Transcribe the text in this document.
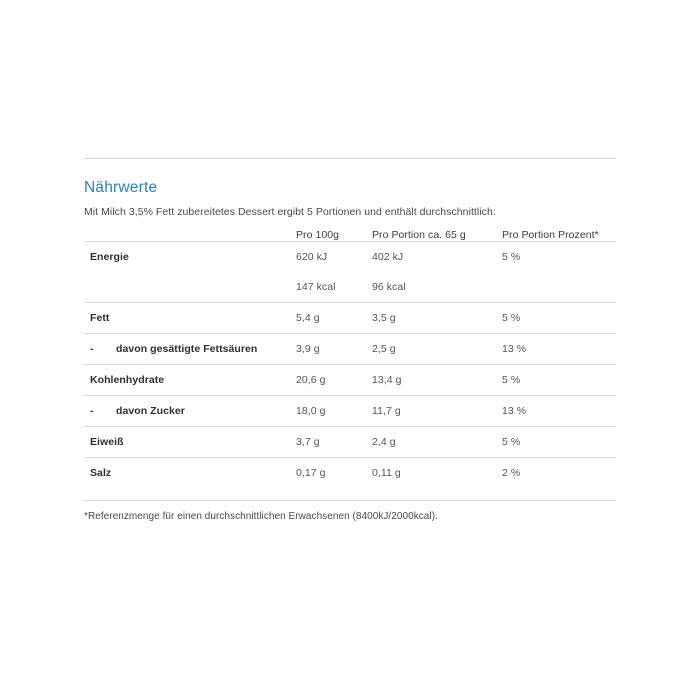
Nährwerte
Mit Milch 3,5% Fett zubereitetes Dessert ergibt 5 Portionen und enthält durchschnittlich:
	Pro 100g	Pro Portion ca. 65 g	Pro Portion Prozent*
Energie	620 kJ	402 kJ	5 %
	147 kcal	96 kcal	
Fett	5,4 g	3,5 g	5 %
- davon gesättigte Fettsäuren	3,9 g	2,5 g	13 %
Kohlenhydrate	20,6 g	13,4 g	5 %
- davon Zucker	18,0 g	11,7 g	13 %
Eiweiß	3,7 g	2,4 g	5 %
Salz	0,17 g	0,11 g	2 %
*Referenzmenge für einen durchschnittlichen Erwachsenen (8400kJ/2000kcal).
